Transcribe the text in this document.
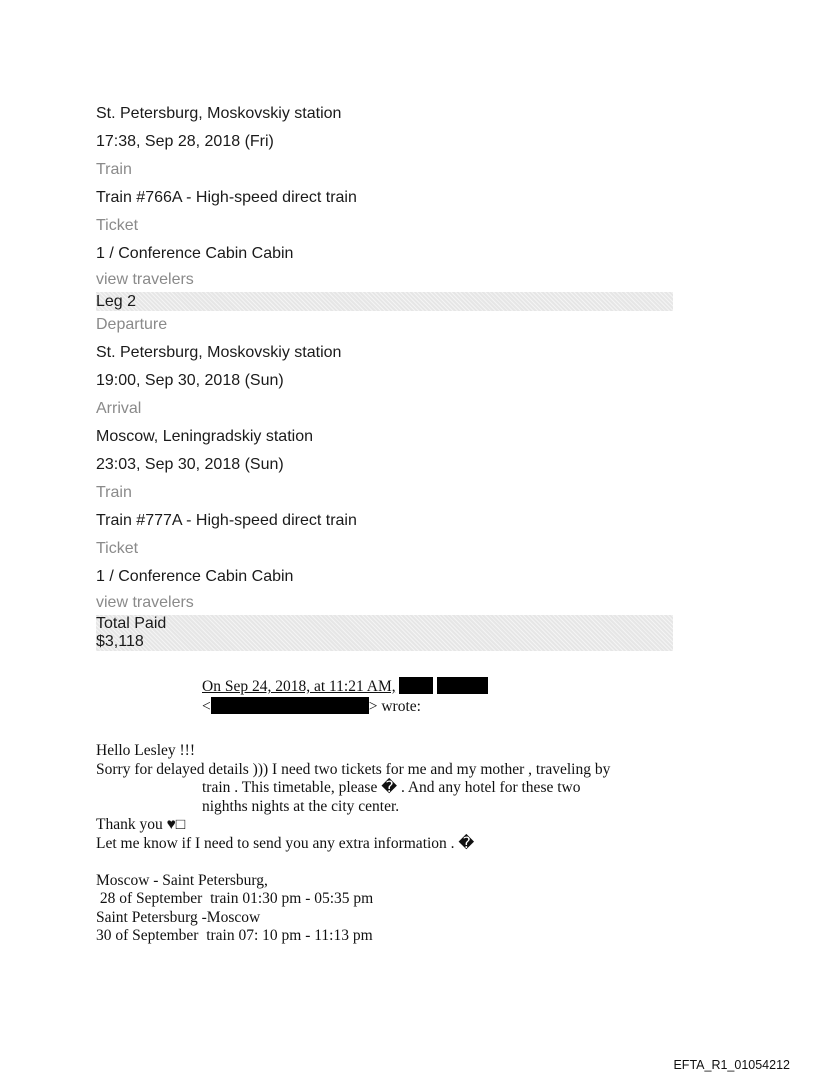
St. Petersburg, Moskovskiy station
17:38, Sep 28, 2018 (Fri)
Train
Train #766A - High-speed direct train
Ticket
1 / Conference Cabin Cabin
view travelers
Leg 2
Departure
St. Petersburg, Moskovskiy station
19:00, Sep 30, 2018 (Sun)
Arrival
Moscow, Leningradskiy station
23:03, Sep 30, 2018 (Sun)
Train
Train #777A - High-speed direct train
Ticket
1 / Conference Cabin Cabin
view travelers
Total Paid
$3,118
On Sep 24, 2018, at 11:21 AM,
<	> wrote:
Hello Lesley !!!
Sorry for delayed details ))) I need two tickets for me and my mother , traveling by
train . This timetable, please � . And any hotel for these two
nighths nights at the city center.
Thank you ♥□
Let me know if I need to send you any extra information . �
Moscow - Saint Petersburg,
28 of September  train 01:30 pm - 05:35 pm
Saint Petersburg -Moscow
30 of September  train 07: 10 pm - 11:13 pm
EFTA_R1_01054212
